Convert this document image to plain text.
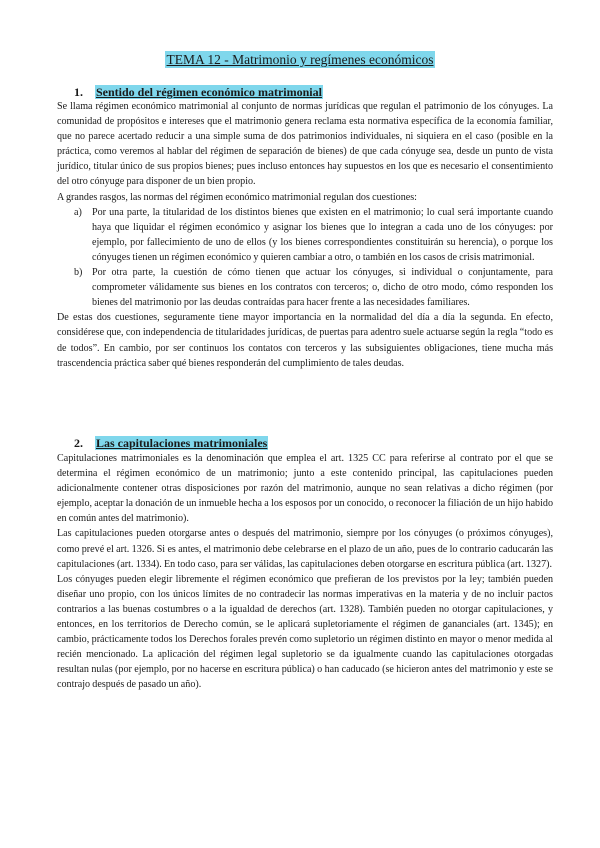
TEMA 12 - Matrimonio y regímenes económicos
1. Sentido del régimen económico matrimonial

Se llama régimen económico matrimonial al conjunto de normas jurídicas que regulan el patrimonio de los cónyuges. La comunidad de propósitos e intereses que el matrimonio genera reclama esta normativa específica de la economía familiar, que no parece acertado reducir a una simple suma de dos patrimonios individuales, ni siquiera en el caso (posible en la práctica, como veremos al hablar del régimen de separación de bienes) de que cada cónyuge sea, desde un punto de vista jurídico, titular único de sus propios bienes; pues incluso entonces hay supuestos en los que es necesario el consentimiento del otro cónyuge para disponer de un bien propio.

A grandes rasgos, las normas del régimen económico matrimonial regulan dos cuestiones:

a) Por una parte, la titularidad de los distintos bienes que existen en el matrimonio; lo cual será importante cuando haya que liquidar el régimen económico y asignar los bienes que lo integran a cada uno de los cónyuges: por ejemplo, por fallecimiento de uno de ellos (y los bienes correspondientes constituirán su herencia), o porque los cónyuges tienen un régimen económico y quieren cambiar a otro, o también en los casos de crisis matrimonial.

b) Por otra parte, la cuestión de cómo tienen que actuar los cónyuges, si individual o conjuntamente, para comprometer válidamente sus bienes en los contratos con terceros; o, dicho de otro modo, cómo responden los bienes del matrimonio por las deudas contraídas para hacer frente a las necesidades familiares.

De estas dos cuestiones, seguramente tiene mayor importancia en la normalidad del día a día la segunda. En efecto, considérese que, con independencia de titularidades jurídicas, de puertas para adentro suele actuarse según la regla “todo es de todos”. En cambio, por ser continuos los contatos con terceros y las subsiguientes obligaciones, tiene mucha más trascendencia práctica saber qué bienes responderán del cumplimiento de tales deudas.

2. Las capitulaciones matrimoniales

Capitulaciones matrimoniales es la denominación que emplea el art. 1325 CC para referirse al contrato por el que se determina el régimen económico de un matrimonio; junto a este contenido principal, las capitulaciones pueden adicionalmente contener otras disposiciones por razón del matrimonio, aunque no sean relativas a dicho régimen (por ejemplo, aceptar la donación de un inmueble hecha a los esposos por un conocido, o reconocer la filiación de un hijo habido en común antes del matrimonio).

Las capitulaciones pueden otorgarse antes o después del matrimonio, siempre por los cónyuges (o próximos cónyuges), como prevé el art. 1326. Si es antes, el matrimonio debe celebrarse en el plazo de un año, pues de lo contrario caducarán las capitulaciones (art. 1334). En todo caso, para ser válidas, las capitulaciones deben otorgarse en escritura pública (art. 1327).

Los cónyuges pueden elegir libremente el régimen económico que prefieran de los previstos por la ley; también pueden diseñar uno propio, con los únicos límites de no contradecir las normas imperativas en la materia y de no incluir pactos contrarios a las buenas costumbres o a la igualdad de derechos (art. 1328). También pueden no otorgar capitulaciones, y entonces, en los territorios de Derecho común, se le aplicará supletoriamente el régimen de gananciales (art. 1345); en cambio, prácticamente todos los Derechos forales prevén como supletorio un régimen distinto en mayor o menor medida al recién mencionado. La aplicación del régimen legal supletorio se da igualmente cuando las capitulaciones otorgadas resultan nulas (por ejemplo, por no hacerse en escritura pública) o han caducado (se hicieron antes del matrimonio y este se contrajo después de pasado un año).
